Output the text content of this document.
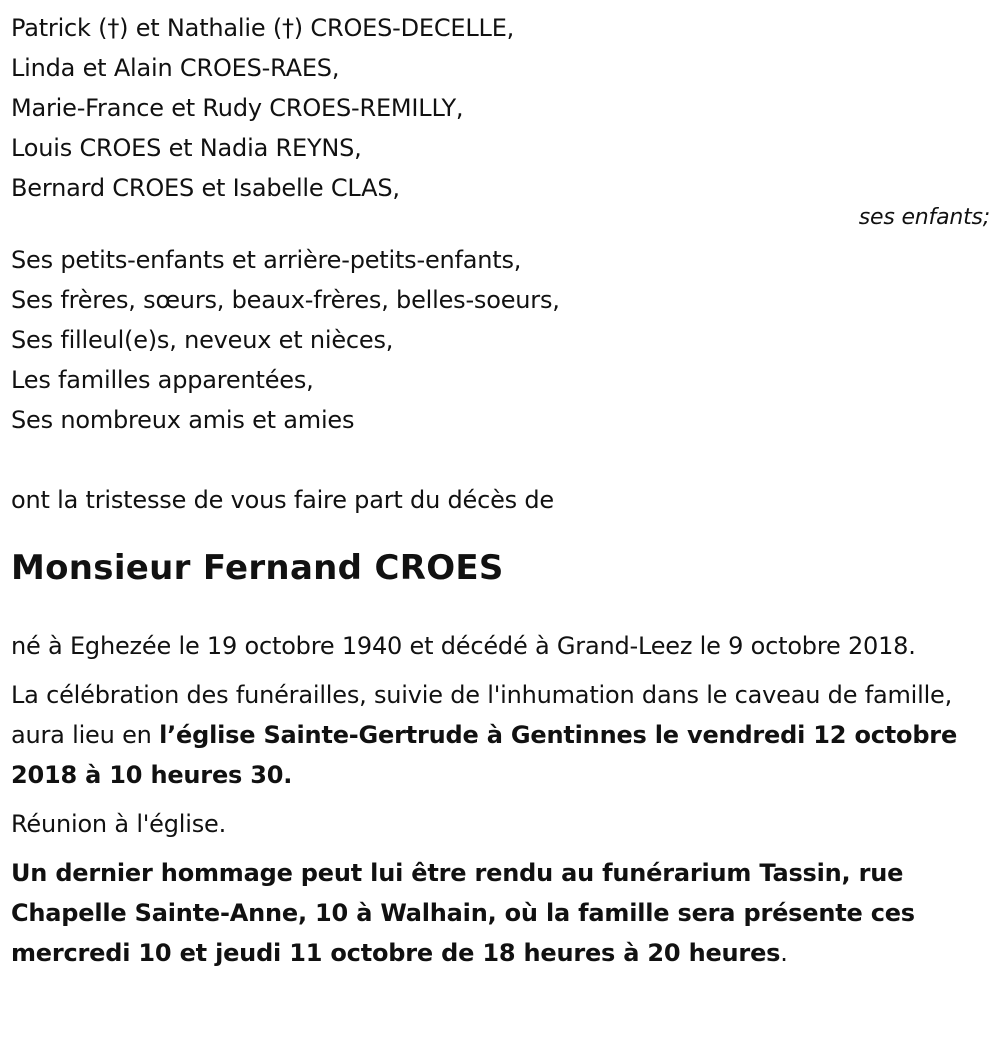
Patrick (†) et Nathalie (†) CROES-DECELLE,
Linda et Alain CROES-RAES,
Marie-France et Rudy CROES-REMILLY,
Louis CROES et Nadia REYNS,
Bernard CROES et Isabelle CLAS,
ses enfants;
Ses petits-enfants et arrière-petits-enfants,
Ses frères, sœurs, beaux-frères, belles-soeurs,
Ses filleul(e)s, neveux et nièces,
Les familles apparentées,
Ses nombreux amis et amies
ont la tristesse de vous faire part du décès de
Monsieur Fernand CROES

né à Eghezée le 19 octobre 1940 et décédé à Grand-Leez le 9 octobre 2018.

La célébration des funérailles, suivie de l'inhumation dans le caveau de famille, aura lieu en l’église Sainte-Gertrude à Gentinnes le vendredi 12 octobre 2018 à 10 heures 30.

Réunion à l'église.

Un dernier hommage peut lui être rendu au funérarium Tassin, rue Chapelle Sainte-Anne, 10 à Walhain, où la famille sera présente ces mercredi 10 et jeudi 11 octobre de 18 heures à 20 heures.
